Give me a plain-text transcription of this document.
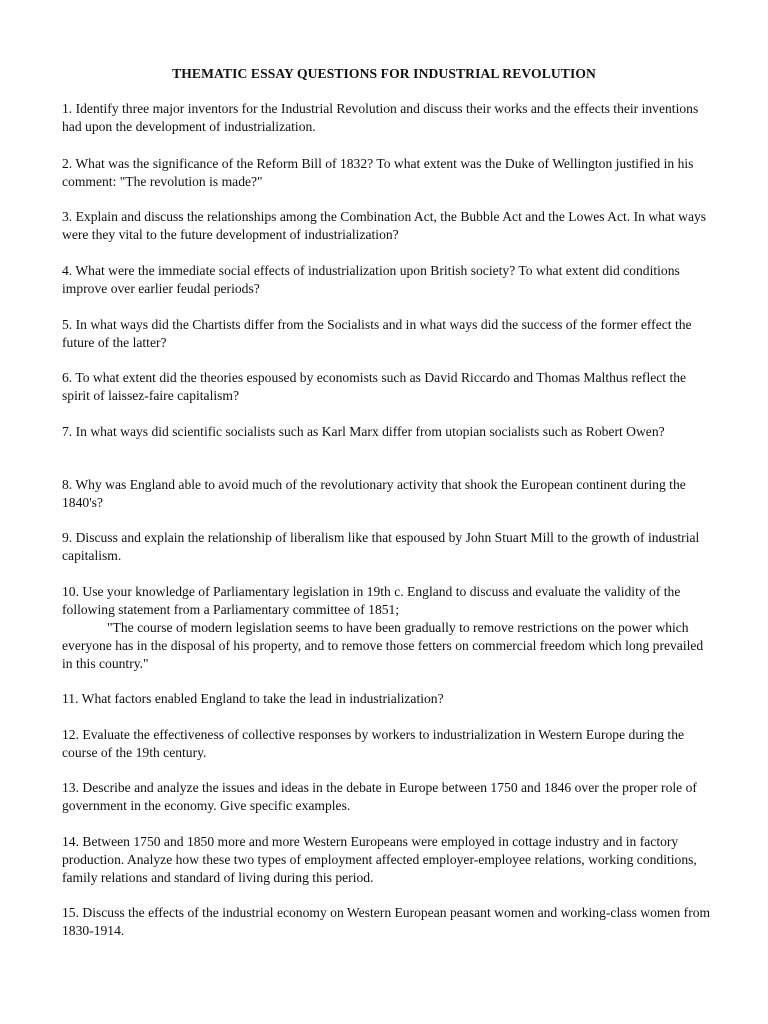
THEMATIC ESSAY QUESTIONS FOR INDUSTRIAL REVOLUTION

1. Identify three major inventors for the Industrial Revolution and discuss their works and the effects their inventions had upon the development of industrialization.

2. What was the significance of the Reform Bill of 1832? To what extent was the Duke of Wellington justified in his comment: "The revolution is made?"

3. Explain and discuss the relationships among the Combination Act, the Bubble Act and the Lowes Act. In what ways were they vital to the future development of industrialization?

4. What were the immediate social effects of industrialization upon British society? To what extent did conditions improve over earlier feudal periods?

5. In what ways did the Chartists differ from the Socialists and in what ways did the success of the former effect the future of the latter?

6. To what extent did the theories espoused by economists such as David Riccardo and Thomas Malthus reflect the spirit of laissez-faire capitalism?

7. In what ways did scientific socialists such as Karl Marx differ from utopian socialists such as Robert Owen?

8. Why was England able to avoid much of the revolutionary activity that shook the European continent during the 1840's?

9. Discuss and explain the relationship of liberalism like that espoused by John Stuart Mill to the growth of industrial capitalism.

10. Use your knowledge of Parliamentary legislation in 19th c. England to discuss and evaluate the validity of the following statement from a Parliamentary committee of 1851;
"The course of modern legislation seems to have been gradually to remove restrictions on the power which everyone has in the disposal of his property, and to remove those fetters on commercial freedom which long prevailed in this country."

11. What factors enabled England to take the lead in industrialization?

12. Evaluate the effectiveness of collective responses by workers to industrialization in Western Europe during the course of the 19th century.

13. Describe and analyze the issues and ideas in the debate in Europe between 1750 and 1846 over the proper role of government in the economy. Give specific examples.

14. Between 1750 and 1850 more and more Western Europeans were employed in cottage industry and in factory production. Analyze how these two types of employment affected employer-employee relations, working conditions, family relations and standard of living during this period.

15. Discuss the effects of the industrial economy on Western European peasant women and working-class women from 1830-1914.
